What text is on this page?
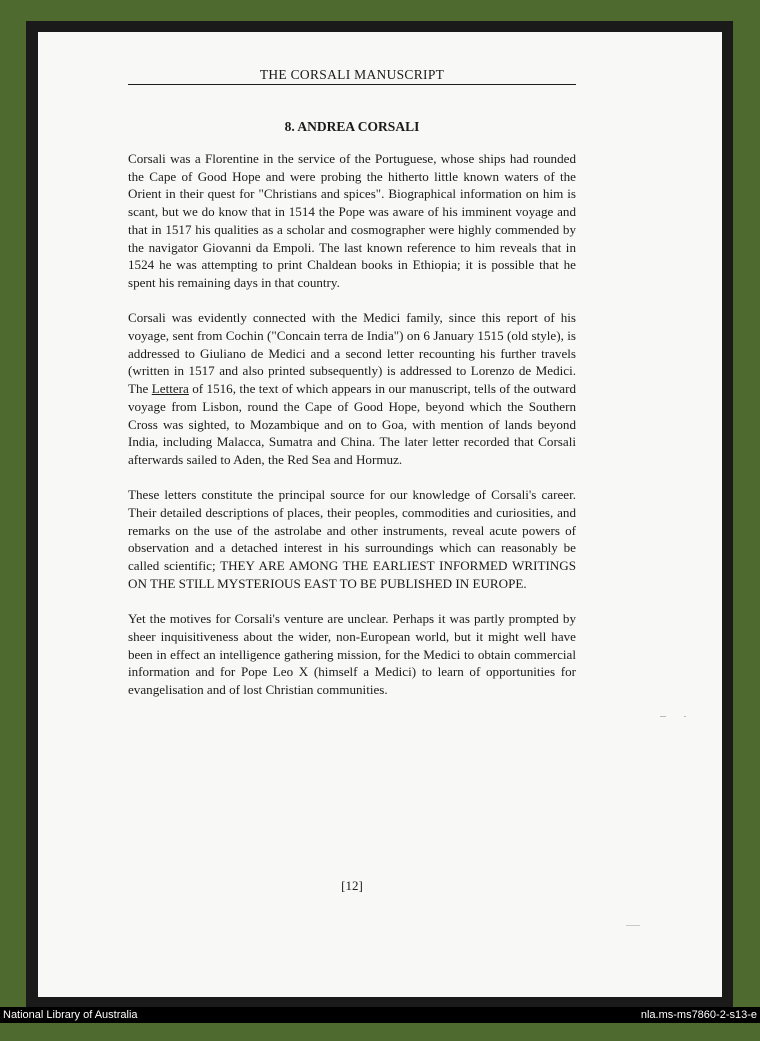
THE CORSALI MANUSCRIPT
8. ANDREA CORSALI

Corsali was a Florentine in the service of the Portuguese, whose ships had rounded the Cape of Good Hope and were probing the hitherto little known waters of the Orient in their quest for "Christians and spices". Biographical information on him is scant, but we do know that in 1514 the Pope was aware of his imminent voyage and that in 1517 his qualities as a scholar and cosmographer were highly commended by the navigator Giovanni da Empoli. The last known reference to him reveals that in 1524 he was attempting to print Chaldean books in Ethiopia; it is possible that he spent his remaining days in that country.

Corsali was evidently connected with the Medici family, since this report of his voyage, sent from Cochin ("Concain terra de India") on 6 January 1515 (old style), is addressed to Giuliano de Medici and a second letter recounting his further travels (written in 1517 and also printed subsequently) is addressed to Lorenzo de Medici. The Lettera of 1516, the text of which appears in our manuscript, tells of the outward voyage from Lisbon, round the Cape of Good Hope, beyond which the Southern Cross was sighted, to Mozambique and on to Goa, with mention of lands beyond India, including Malacca, Sumatra and China. The later letter recorded that Corsali afterwards sailed to Aden, the Red Sea and Hormuz.

These letters constitute the principal source for our knowledge of Corsali's career. Their detailed descriptions of places, their peoples, commodities and curiosities, and remarks on the use of the astrolabe and other instruments, reveal acute powers of observation and a detached interest in his surroundings which can reasonably be called scientific; THEY ARE AMONG THE EARLIEST INFORMED WRITINGS ON THE STILL MYSTERIOUS EAST TO BE PUBLISHED IN EUROPE.

Yet the motives for Corsali's venture are unclear. Perhaps it was partly prompted by sheer inquisitiveness about the wider, non-European world, but it might well have been in effect an intelligence gathering mission, for the Medici to obtain commercial information and for Pope Leo X (himself a Medici) to learn of opportunities for evangelisation and of lost Christian communities.

[12]
National Library of Australia	nla.ms-ms7860-2-s13-e
